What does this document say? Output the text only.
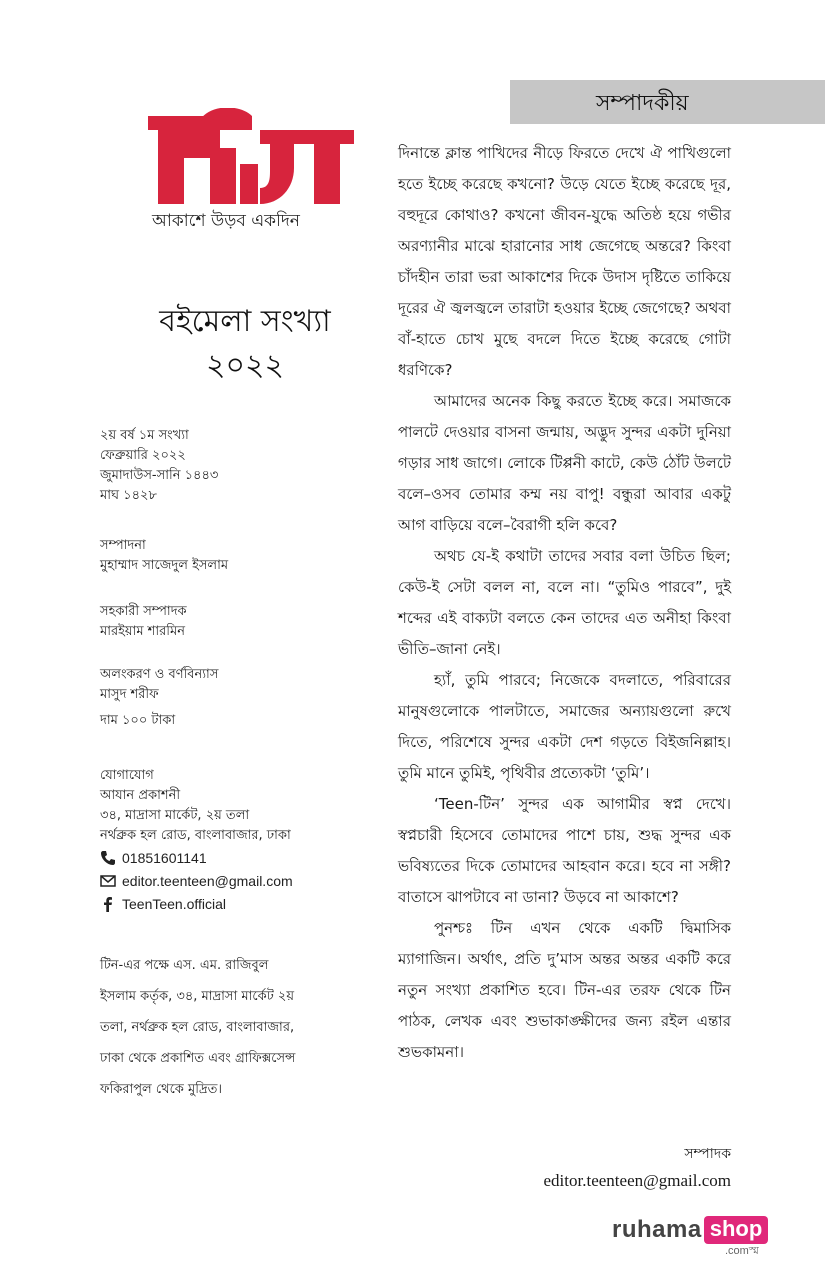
সম্পাদকীয়
আকাশে উড়ব একদিন
বইমেলা সংখ্যা
২০২২
২য় বর্ষ ১ম সংখ্যা
ফেব্রুয়ারি ২০২২
জুমাদাউস-সানি ১৪৪৩
মাঘ ১৪২৮
সম্পাদনা
মুহাম্মাদ সাজেদুল ইসলাম
সহকারী সম্পাদক
মারইয়াম শারমিন
অলংকরণ ও বর্ণবিন্যাস
মাসুদ শরীফ
দাম ১০০ টাকা
যোগাযোগ
আযান প্রকাশনী
৩৪, মাদ্রাসা মার্কেট, ২য় তলা
নর্থব্রুক হল রোড, বাংলাবাজার, ঢাকা
01851601141
editor.teenteen@gmail.com
TeenTeen.official
টিন-এর পক্ষে এস. এম. রাজিবুল
ইসলাম কর্তৃক, ৩৪, মাদ্রাসা মার্কেট ২য়
তলা, নর্থব্রুক হল রোড, বাংলাবাজার,
ঢাকা থেকে প্রকাশিত এবং গ্রাফিক্সসেন্স
ফকিরাপুল থেকে মুদ্রিত।

দিনান্তে ক্লান্ত পাখিদের নীড়ে ফিরতে দেখে ঐ পাখিগুলো হতে ইচ্ছে করেছে কখনো? উড়ে যেতে ইচ্ছে করেছে দূর, বহুদূরে কোথাও? কখনো জীবন-যুদ্ধে অতিষ্ঠ হয়ে গভীর অরণ্যানীর মাঝে হারানোর সাধ জেগেছে অন্তরে? কিংবা চাঁদহীন তারা ভরা আকাশের দিকে উদাস দৃষ্টিতে তাকিয়ে দূরের ঐ জ্বলজ্বলে তারাটা হওয়ার ইচ্ছে জেগেছে? অথবা বাঁ-হাতে চোখ মুছে বদলে দিতে ইচ্ছে করেছে গোটা ধরণিকে?

আমাদের অনেক কিছু করতে ইচ্ছে করে। সমাজকে পালটে দেওয়ার বাসনা জন্মায়, অদ্ভুদ সুন্দর একটা দুনিয়া গড়ার সাধ জাগে। লোকে টিপ্পনী কাটে, কেউ ঠোঁট উলটে বলে–ওসব তোমার কম্ম নয় বাপু! বন্ধুরা আবার একটু আগ বাড়িয়ে বলে–বৈরাগী হলি কবে?

অথচ যে-ই কথাটা তাদের সবার বলা উচিত ছিল; কেউ-ই সেটা বলল না, বলে না। “তুমিও পারবে”, দুই শব্দের এই বাক্যটা বলতে কেন তাদের এত অনীহা কিংবা ভীতি–জানা নেই।

হ্যাঁ, তুমি পারবে; নিজেকে বদলাতে, পরিবারের মানুষগুলোকে পালটাতে, সমাজের অন্যায়গুলো রুখে দিতে, পরিশেষে সুন্দর একটা দেশ গড়তে বিইজনিল্লাহ। তুমি মানে তুমিই, পৃথিবীর প্রত্যেকটা ‘তুমি’।

‘Teen-টিন’ সুন্দর এক আগামীর স্বপ্ন দেখে। স্বপ্নচারী হিসেবে তোমাদের পাশে চায়, শুদ্ধ সুন্দর এক ভবিষ্যতের দিকে তোমাদের আহবান করে। হবে না সঙ্গী? বাতাসে ঝাপটাবে না ডানা? উড়বে না আকাশে?

পুনশ্চঃ টিন এখন থেকে একটি দ্বিমাসিক ম্যাগাজিন। অর্থাৎ, প্রতি দু’মাস অন্তর অন্তর একটি করে নতুন সংখ্যা প্রকাশিত হবে। টিন-এর তরফ থেকে টিন পাঠক, লেখক এবং শুভাকাঙ্ক্ষীদের জন্য রইল এন্তার শুভকামনা।

সম্পাদক
editor.teenteen@gmail.com
ruhama shop
.comস্ম
